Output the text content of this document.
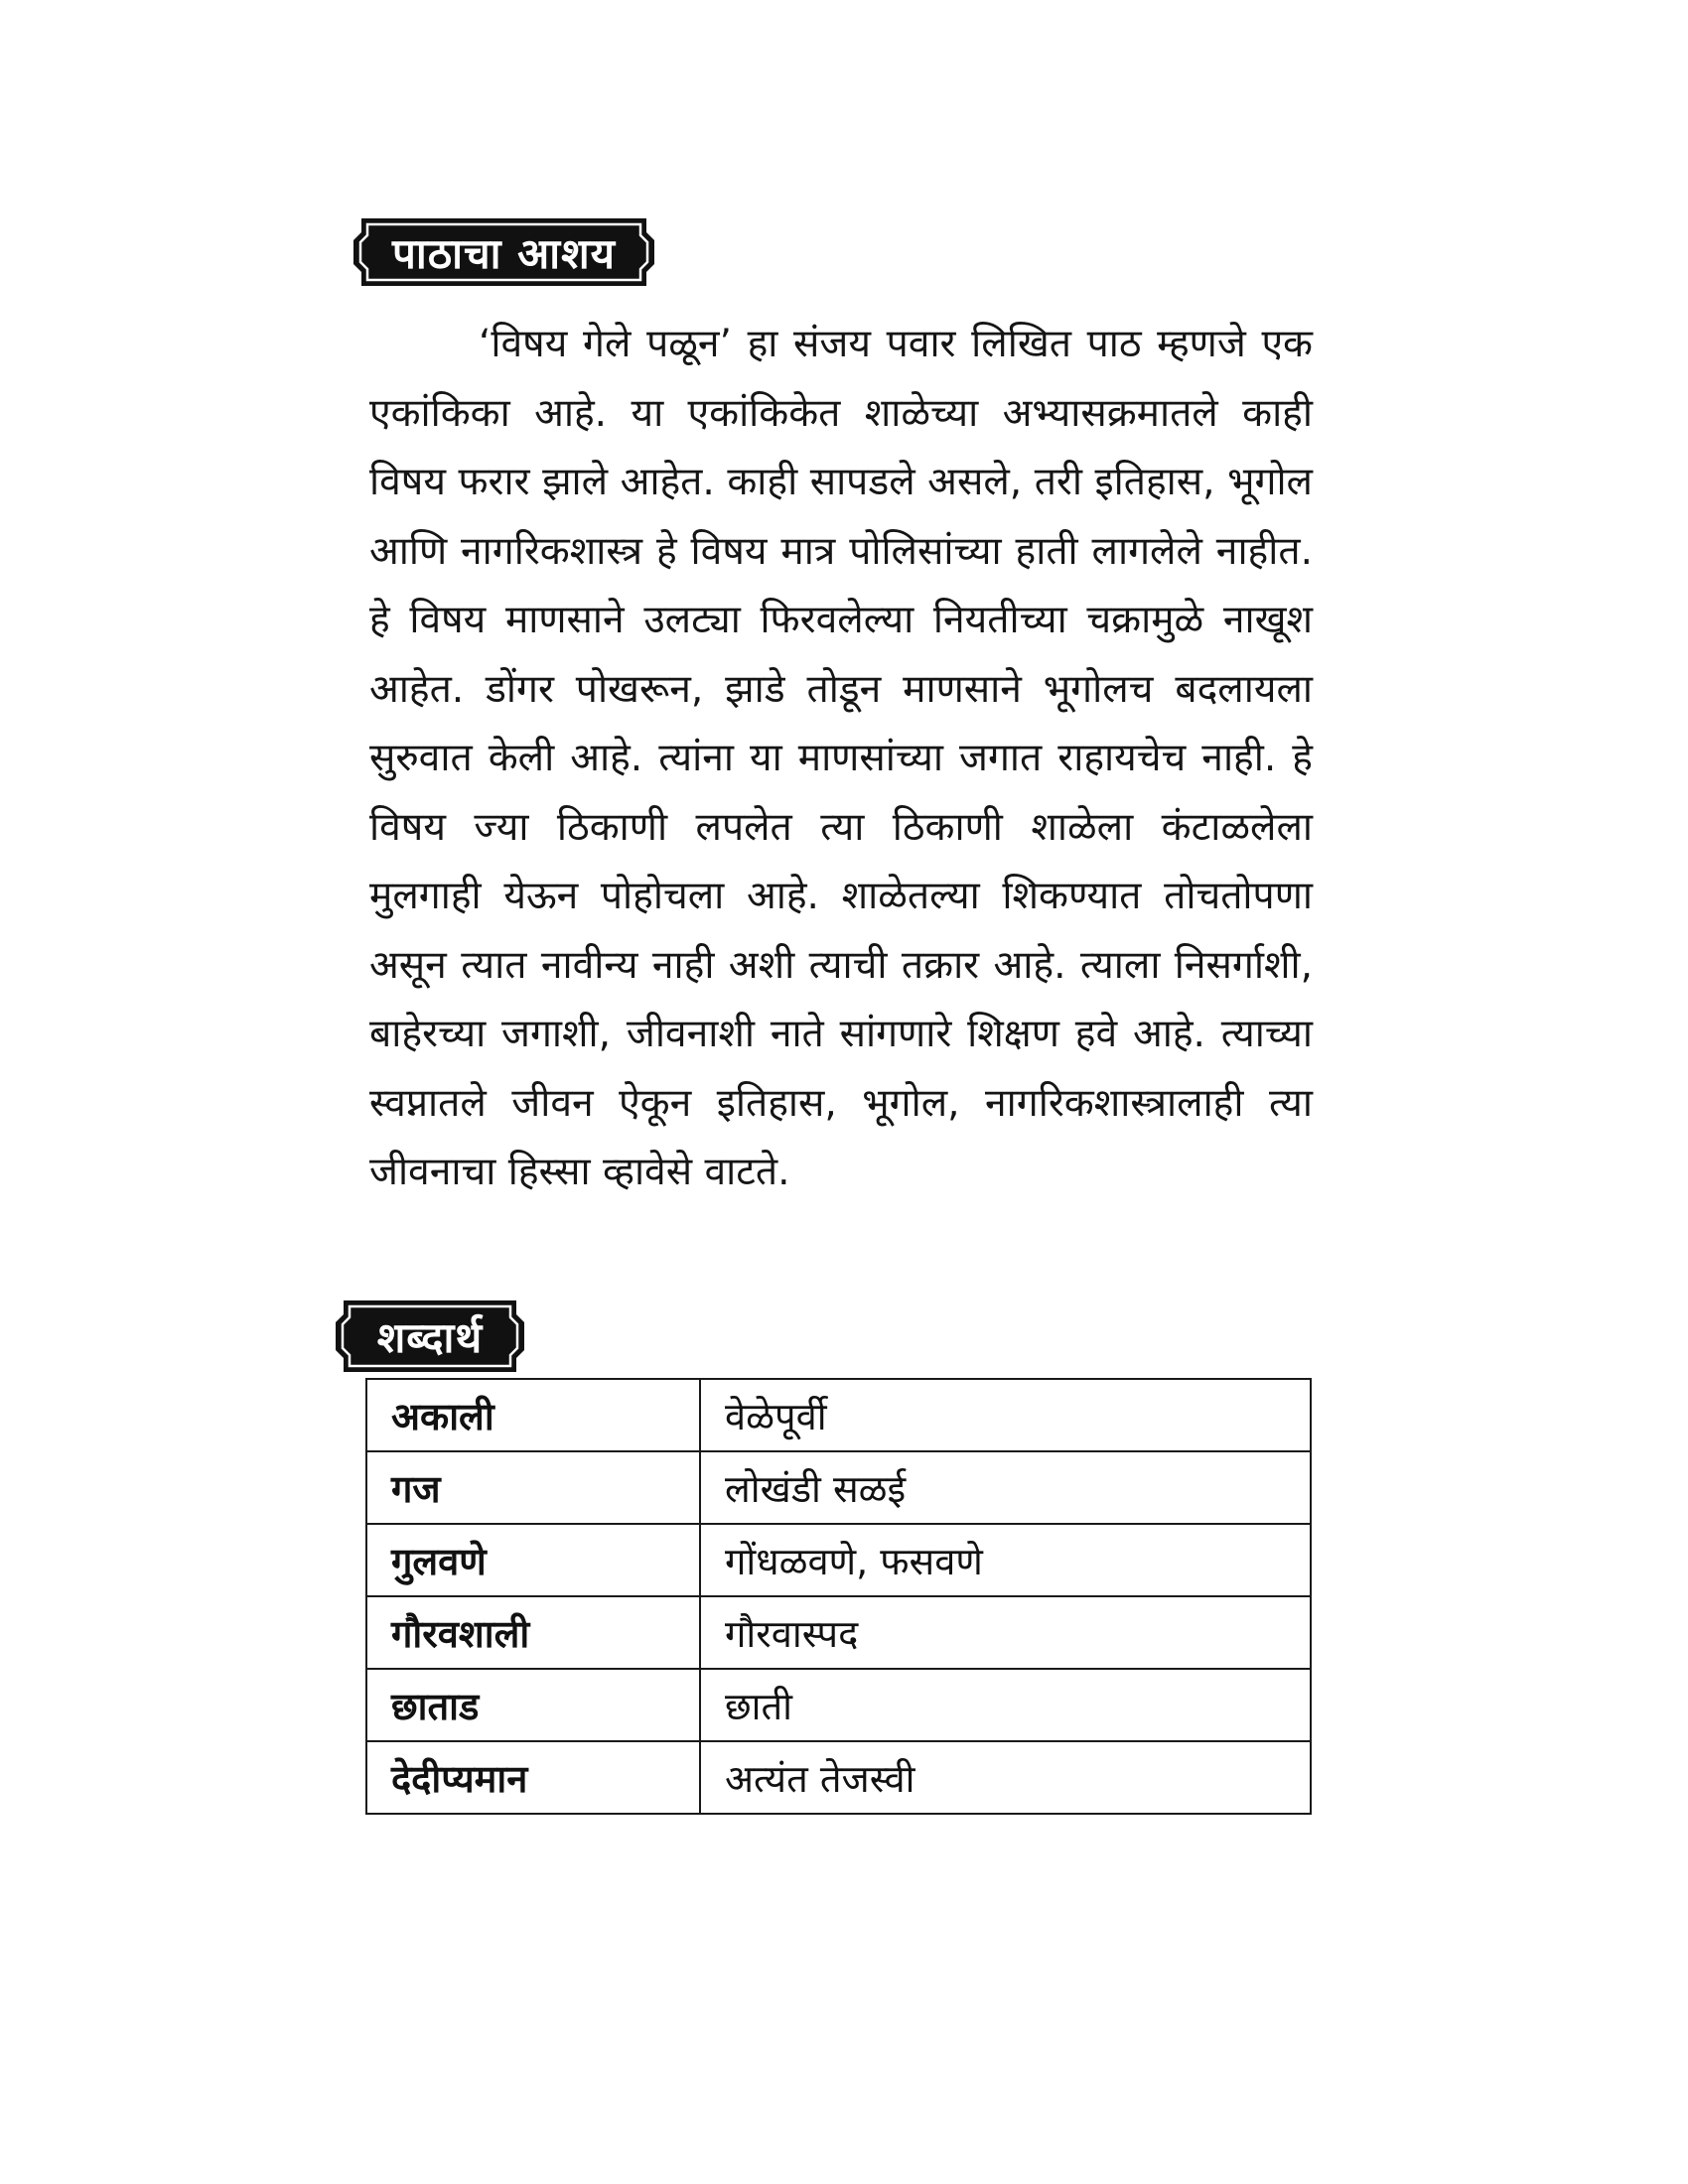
पाठाचा आशय
‘विषय गेले पळून’ हा संजय पवार लिखित पाठ म्हणजे एक एकांकिका आहे. या एकांकिकेत शाळेच्या अभ्यासक्रमातले काही विषय फरार झाले आहेत. काही सापडले असले, तरी इतिहास, भूगोल आणि नागरिकशास्त्र हे विषय मात्र पोलिसांच्या हाती लागलेले नाहीत. हे विषय माणसाने उलट्या फिरवलेल्या नियतीच्या चक्रामुळे नाखूश आहेत. डोंगर पोखरून, झाडे तोडून माणसाने भूगोलच बदलायला सुरुवात केली आहे. त्यांना या माणसांच्या जगात राहायचेच नाही. हे विषय ज्या ठिकाणी लपलेत त्या ठिकाणी शाळेला कंटाळलेला मुलगाही येऊन पोहोचला आहे. शाळेतल्या शिकण्यात तोचतोपणा असून त्यात नावीन्य नाही अशी त्याची तक्रार आहे. त्याला निसर्गाशी, बाहेरच्या जगाशी, जीवनाशी नाते सांगणारे शिक्षण हवे आहे. त्याच्या स्वप्नातले जीवन ऐकून इतिहास, भूगोल, नागरिकशास्त्रालाही त्या जीवनाचा हिस्सा व्हावेसे वाटते.
शब्दार्थ
अकाली	वेळेपूर्वी
गज	लोखंडी सळई
गुलवणे	गोंधळवणे, फसवणे
गौरवशाली	गौरवास्पद
छाताड	छाती
देदीप्यमान	अत्यंत तेजस्वी
